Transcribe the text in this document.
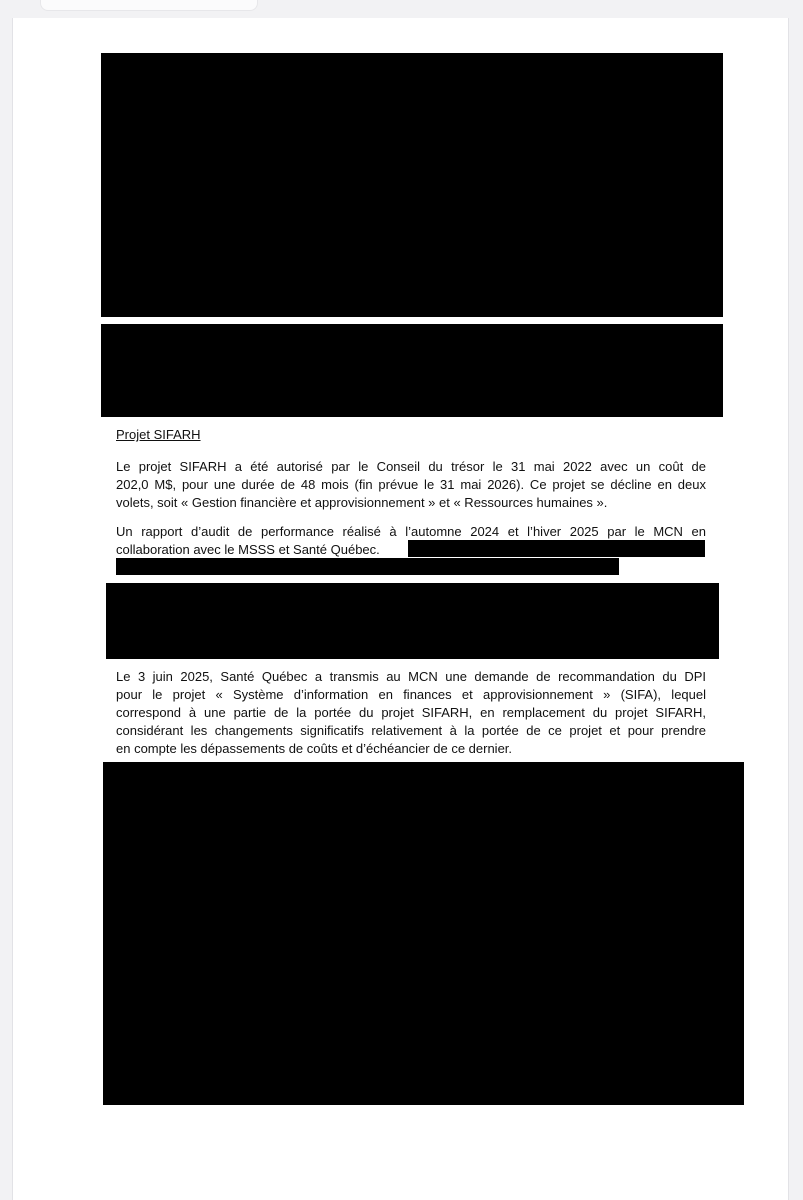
Projet SIFARH

Le projet SIFARH a été autorisé par le Conseil du trésor le 31 mai 2022 avec un coût de
202,0 M$, pour une durée de 48 mois (fin prévue le 31 mai 2026). Ce projet se décline en deux
volets, soit « Gestion financière et approvisionnement » et « Ressources humaines ».
Un rapport d’audit de performance réalisé à l’automne 2024 et l’hiver 2025 par le MCN en
collaboration avec le MSSS et Santé Québec.
Le 3 juin 2025, Santé Québec a transmis au MCN une demande de recommandation du DPI
pour le projet « Système d’information en finances et approvisionnement » (SIFA), lequel
correspond à une partie de la portée du projet SIFARH, en remplacement du projet SIFARH,
considérant les changements significatifs relativement à la portée de ce projet et pour prendre
en compte les dépassements de coûts et d’échéancier de ce dernier.
